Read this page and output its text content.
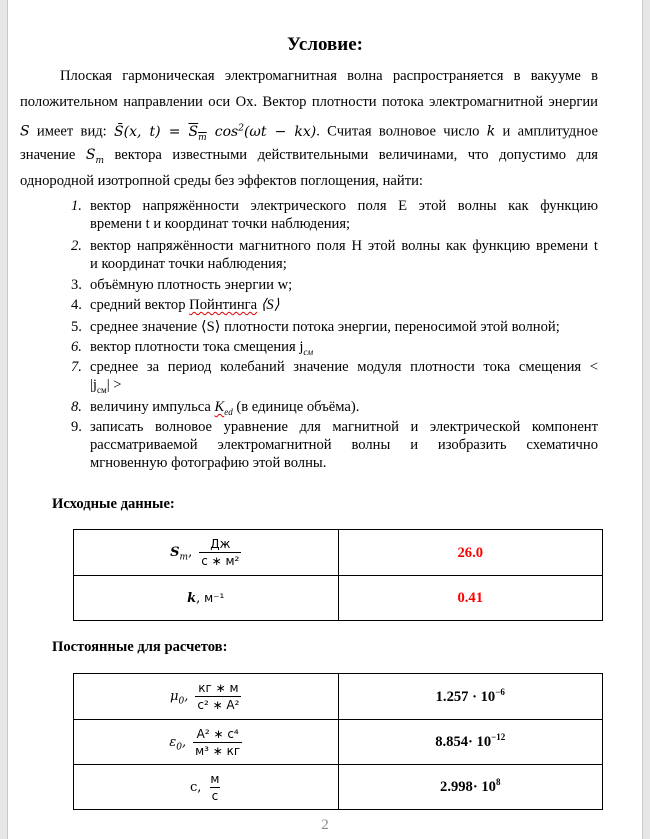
Условие:
Плоская гармоническая электромагнитная волна распространяется в вакууме в
положительном направлении оси Ox. Вектор плотности потока электромагнитной энергии
S имеет вид: S̄(x, $t) = S_m$ $\cos^2(\omega t - kx)$. Считая волновое число k и амплитудное
значение $S_m$ вектора известными действительными величинами, что допустимо для
однородной изотропной среды без эффектов поглощения, найти:
1. вектор напряжённости электрического поля E этой волны как функцию
времени t и координат точки наблюдения;
2. вектор напряжённости магнитного поля H этой волны как функцию времени t
и координат точки наблюдения;
3. объёмную плотность энергии w;
4. средний вектор Пойнтинга ⟨S⟩
5. среднее значение ⟨S⟩ плотности потока энергии, переносимой этой волной;
6. вектор плотности тока смещения $j_{см}$
7. среднее за период колебаний значение модуля плотности тока смещения <
$|j_{см}|$ >
8. величину импульса $K_{ed}$ (в единице объёма).
9. записать волновое уравнение для магнитной и электрической компонент
рассматриваемой электромагнитной волны и изобразить схематично
мгновенную фотографию этой волны.
Исходные данные:
$S_m$, $\frac{Дж}{\text{с ∗ м²}}$	26.0
k, м⁻¹	0.41
Постоянные для расчетов:
$\mu_0$, $\frac{кг ∗ м}{\text{с² ∗ А²}}$	$1.257 \cdot 10^{-6}$
$\varepsilon_0$, $\frac{\text{А² ∗ с⁴}}{\text{м³ ∗ кг}}$	$8.854\cdot 10^{-12}$
c, $\frac{м}{с}$	$2.998\cdot 10^8$
2
